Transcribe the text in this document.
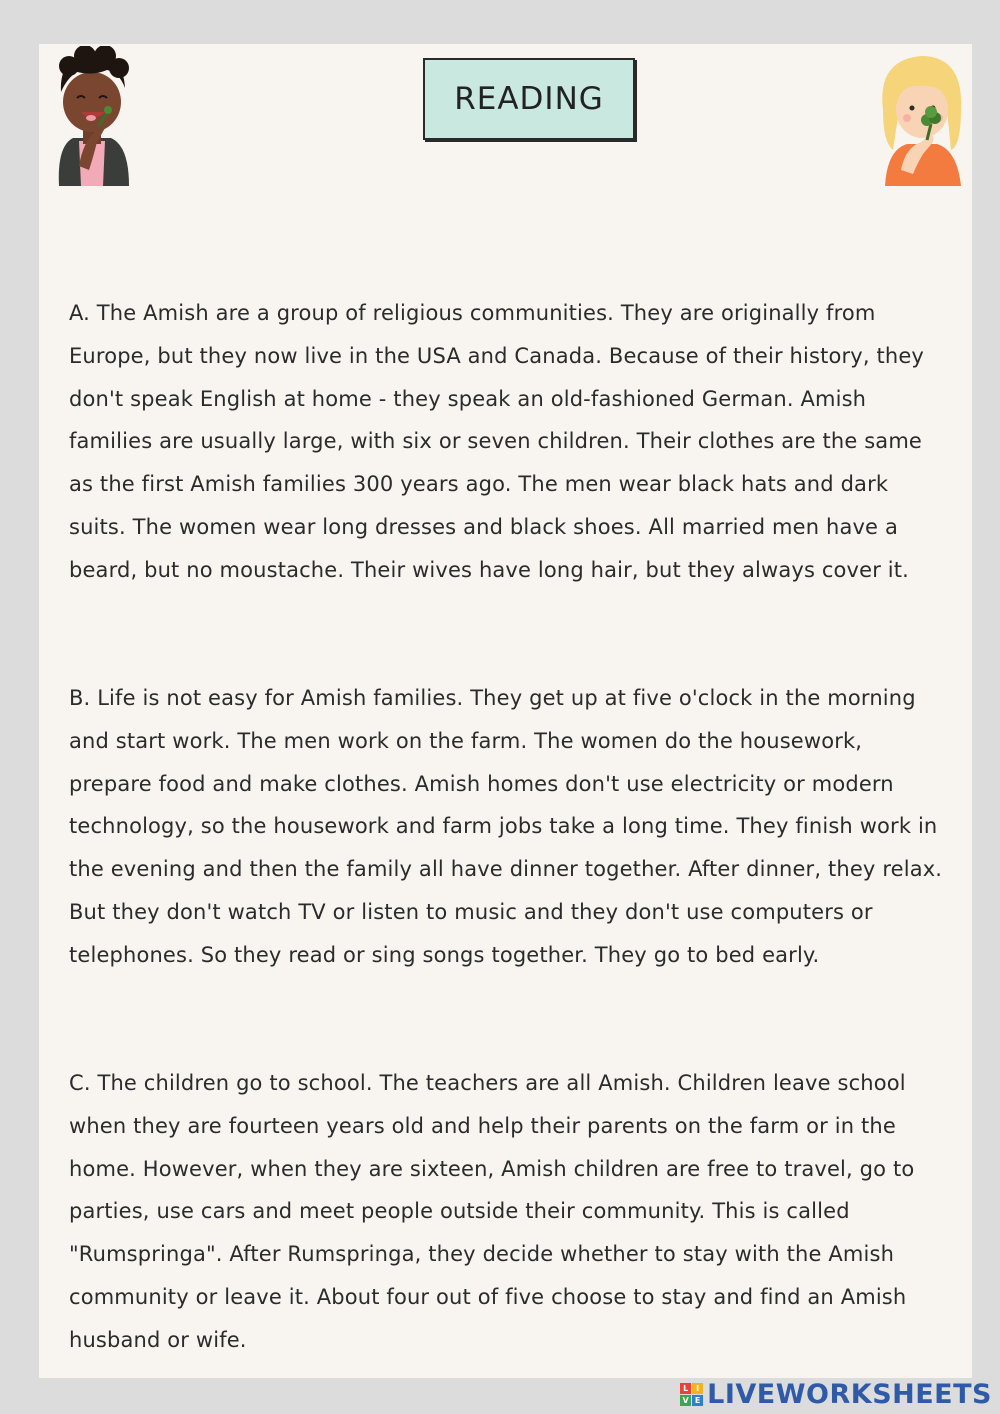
READING

A. The Amish are a group of religious communities. They are originally from Europe, but they now live in the USA and Canada. Because of their history, they don't speak English at home - they speak an old-fashioned German. Amish families are usually large, with six or seven children. Their clothes are the same as the first Amish families 300 years ago. The men wear black hats and dark suits. The women wear long dresses and black shoes. All married men have a beard, but no moustache. Their wives have long hair, but they always cover it.

B. Life is not easy for Amish families. They get up at five o'clock in the morning and start work. The men work on the farm. The women do the housework, prepare food and make clothes. Amish homes don't use electricity or modern technology, so the housework and farm jobs take a long time. They finish work in the evening and then the family all have dinner together. After dinner, they relax. But they don't watch TV or listen to music and they don't use computers or telephones. So they read or sing songs together. They go to bed early.

C. The children go to school. The teachers are all Amish. Children leave school when they are fourteen years old and help their parents on the farm or in the home. However, when they are sixteen, Amish children are free to travel, go to parties, use cars and meet people outside their community. This is called "Rumspringa". After Rumspringa, they decide whether to stay with the Amish community or leave it. About four out of five choose to stay and find an Amish husband or wife.

L I
V E LIVEWORKSHEETS
